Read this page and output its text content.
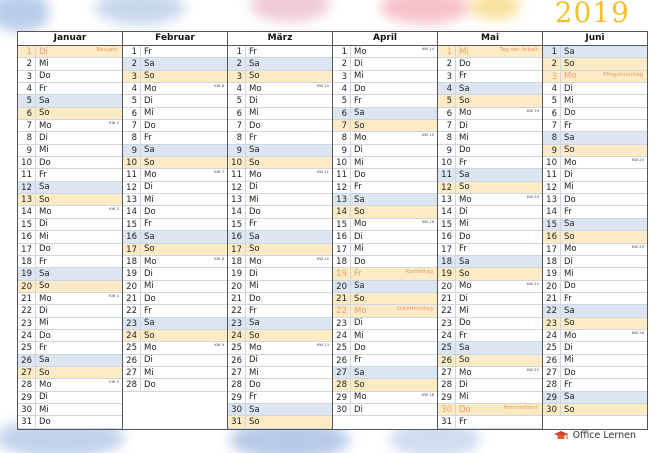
2019
Januar
1 Di	Neujahr
2 Mi
3 Do
4 Fr
5 Sa
6 So
7 Mo	KW 2
8 Di
9 Mi
10 Do
11 Fr
12 Sa
13 So
14 Mo	KW 3
15 Di
16 Mi
17 Do
18 Fr
19 Sa
20 So
21 Mo	KW 4
22 Di
23 Mi
24 Do
25 Fr
26 Sa
27 So
28 Mo	KW 5
29 Di
30 Mi
31 Do
Februar
1 Fr
2 Sa
3 So
4 Mo	KW 6
5 Di
6 Mi
7 Do
8 Fr
9 Sa
10 So
11 Mo	KW 7
12 Di
13 Mi
14 Do
15 Fr
16 Sa
17 So
18 Mo	KW 8
19 Di
20 Mi
21 Do
22 Fr
23 Sa
24 So
25 Mo	KW 9
26 Di
27 Mi
28 Do
März
1 Fr
2 Sa
3 So
4 Mo	KW 10
5 Di
6 Mi
7 Do
8 Fr
9 Sa
10 So
11 Mo	KW 11
12 Di
13 Mi
14 Do
15 Fr
16 Sa
17 So
18 Mo	KW 12
19 Di
20 Mi
21 Do
22 Fr
23 Sa
24 So
25 Mo	KW 13
26 Di
27 Mi
28 Do
29 Fr
30 Sa
31 So
April
1 Mo	KW 14
2 Di
3 Mi
4 Do
5 Fr
6 Sa
7 So
8 Mo	KW 15
9 Di
10 Mi
11 Do
12 Fr
13 Sa
14 So
15 Mo	KW 16
16 Di
17 Mi
18 Do
19 Fr	Karfreitag
20 Sa
21 So
22 Mo	Ostermontag
23 Di
24 Mi
25 Do
26 Fr
27 Sa
28 So
29 Mo	KW 18
30 Di
Mai
1 Mi	Tag der Arbeit
2 Do
3 Fr
4 Sa
5 So
6 Mo	KW 19
7 Di
8 Mi
9 Do
10 Fr
11 Sa
12 So
13 Mo	KW 20
14 Di
15 Mi
16 Do
17 Fr
18 Sa
19 So
20 Mo	KW 21
21 Di
22 Mi
23 Do
24 Fr
25 Sa
26 So
27 Mo	KW 22
28 Di
29 Mi
30 Do	Himmelfahrt
31 Fr
Juni
1 Sa
2 So
3 Mo	Pfingstmontag
4 Di
5 Mi
6 Do
7 Fr
8 Sa
9 So
10 Mo	KW 24
11 Di
12 Mi
13 Do
14 Fr
15 Sa
16 So
17 Mo	KW 25
18 Di
19 Mi
20 Do
21 Fr
22 Sa
23 So
24 Mo	KW 26
25 Di
26 Mi
27 Do
28 Fr
29 Sa
30 So
Office Lernen
